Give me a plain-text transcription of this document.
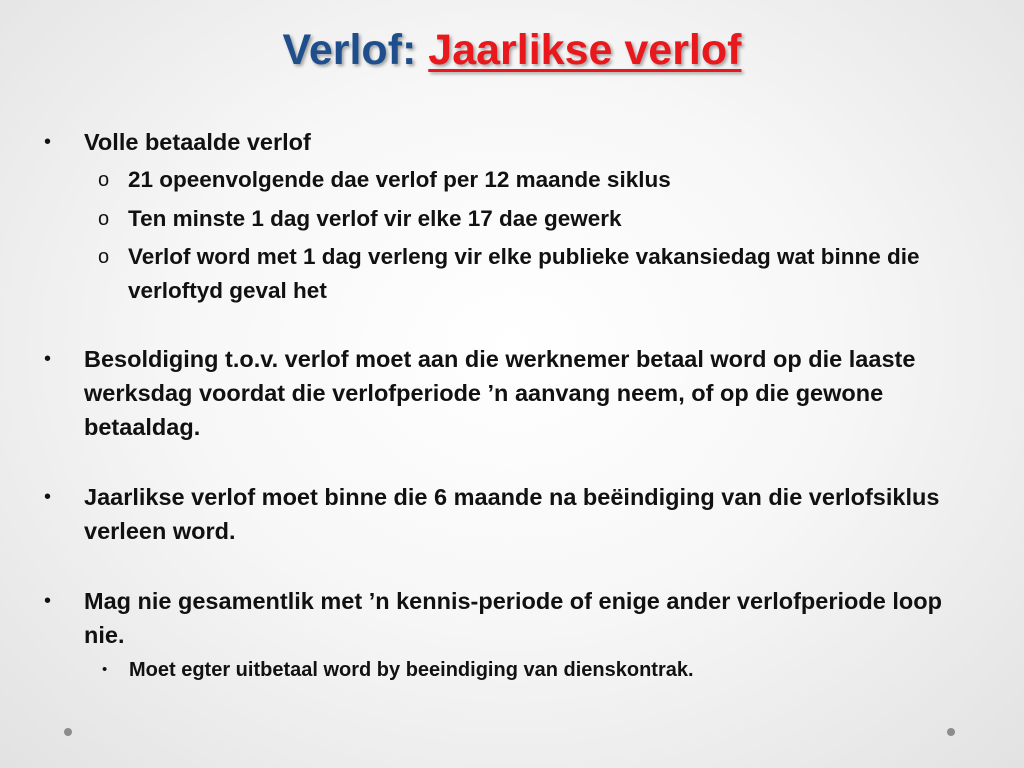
Verlof: Jaarlikse verlof
• Volle betaalde verlof
o 21 opeenvolgende dae verlof per 12 maande siklus
o Ten minste 1 dag verlof vir elke 17 dae gewerk
o Verlof word met 1 dag verleng vir elke publieke vakansiedag wat binne die verloftyd geval het
• Besoldiging t.o.v. verlof moet aan die werknemer betaal word op die laaste werksdag voordat die verlofperiode ’n aanvang neem, of op die gewone betaaldag.
• Jaarlikse verlof moet binne die 6 maande na beëindiging van die verlofsiklus verleen word.
• Mag nie gesamentlik met ’n kennis-periode of enige ander verlofperiode loop nie.
• Moet egter uitbetaal word by beeindiging van dienskontrak.
